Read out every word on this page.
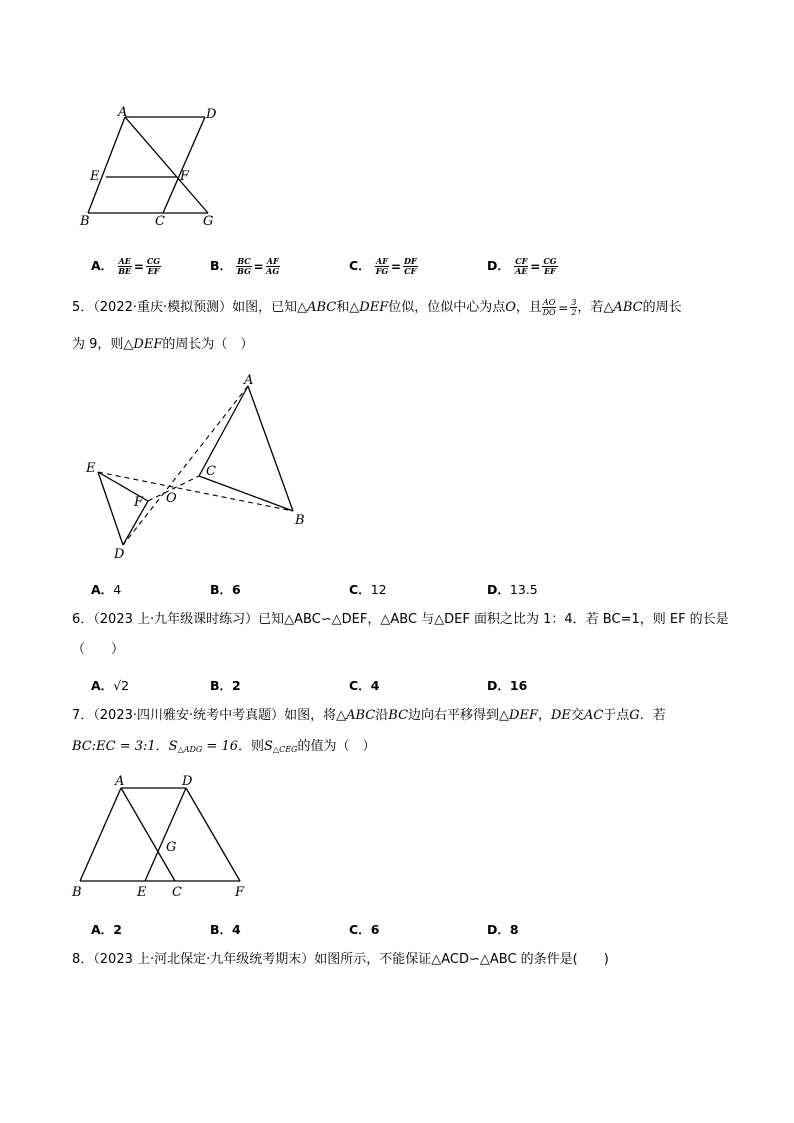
A	D
E	F
B	C	G
A． $\frac{AE}{BE} = \frac{CG}{EF}$	B． $\frac{BC}{BG} = \frac{AF}{AG}$	C． $\frac{AF}{FG} = \frac{DF}{CF}$	D． $\frac{CF}{AE} = \frac{CG}{EF}$
5．（2022·重庆·模拟预测）如图，已知△ABC和△DEF位似，位似中心为点O，且 $\frac{AO}{DO} = \frac{3}{2}$ ，若△ABC的周长
为 9，则△DEF的周长为（　）
A
C
E
F O
B
D
A．4	B．6	C．12	D．13.5
6．（2023 上·九年级课时练习）已知△ABC∽△DEF，△ABC 与△DEF 面积之比为 1：4．若 BC=1，则 EF 的长是
（　　）
A．√2	B．2	C．4	D．16
7．（2023·四川雅安·统考中考真题）如图，将△ABC沿BC边向右平移得到△DEF，DE交AC于点G．若
BC:EC = 3:1．$S_{\triangle ADG} = 16$．则$S_{\triangle CEG}$的值为（　）
A	D
G
B	E C	F
A．2	B．4	C．6	D．8
8．（2023 上·河北保定·九年级统考期末）如图所示，不能保证△ACD∽△ABC 的条件是(　　)
